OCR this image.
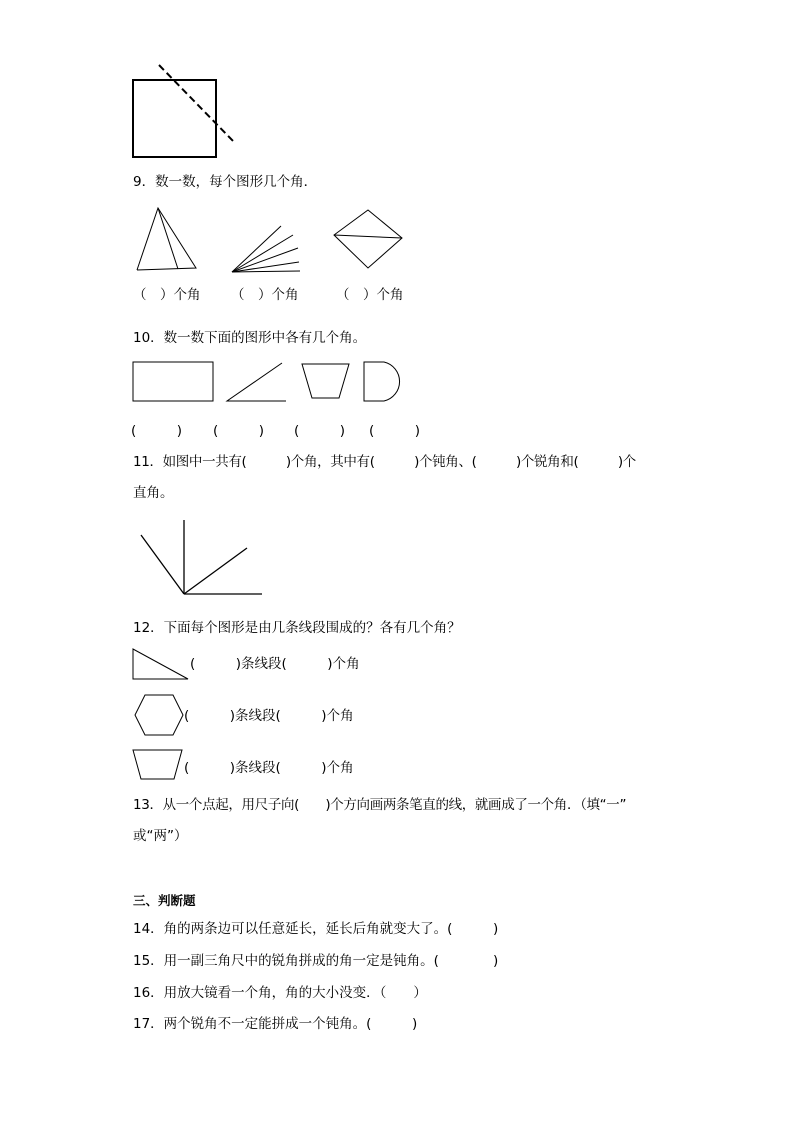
9．数一数，每个图形几个角．
（　）个角 （　）个角	（　）个角
10．数一数下面的图形中各有几个角。
(　　　) (　　　) (　　　) (　　　)
11．如图中一共有(　　　)个角，其中有(　　　)个钝角、(　　　)个锐角和(　　　)个
直角。
12．下面每个图形是由几条线段围成的？各有几个角？
(　　　)条线段(　　　)个角
(　　　)条线段(　　　)个角
(　　　)条线段(　　　)个角
13．从一个点起，用尺子向(　　)个方向画两条笔直的线，就画成了一个角．（填“一”
或“两”）
三、判断题
14．角的两条边可以任意延长，延长后角就变大了。(　　　)
15．用一副三角尺中的锐角拼成的角一定是钝角。(　　　　)
16．用放大镜看一个角，角的大小没变．（　　）
17．两个锐角不一定能拼成一个钝角。(　　　)
